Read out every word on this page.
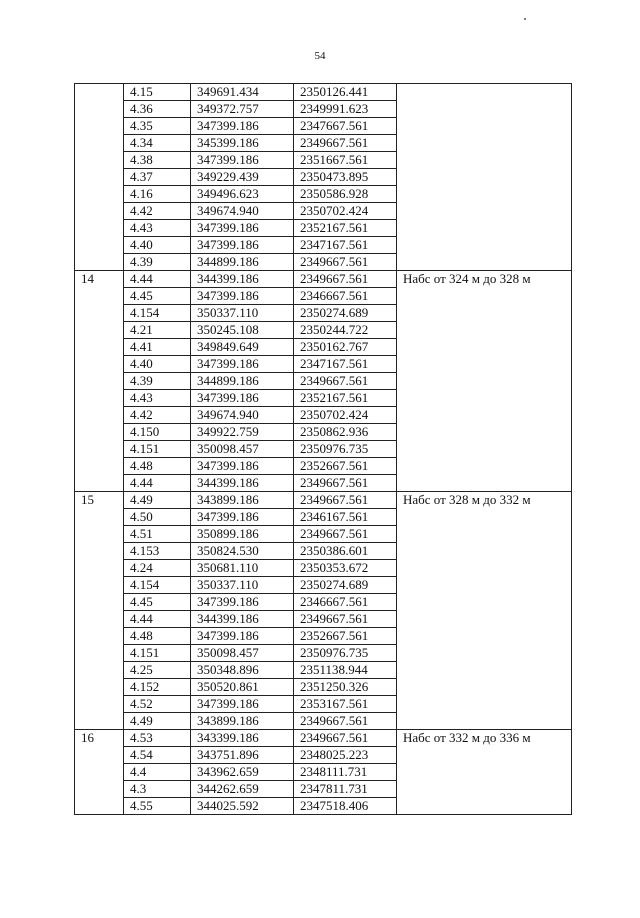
54
	4.15	349691.434	2350126.441	
	4.36	349372.757	2349991.623	
	4.35	347399.186	2347667.561	
	4.34	345399.186	2349667.561	
	4.38	347399.186	2351667.561	
	4.37	349229.439	2350473.895	
	4.16	349496.623	2350586.928	
	4.42	349674.940	2350702.424	
	4.43	347399.186	2352167.561	
	4.40	347399.186	2347167.561	
	4.39	344899.186	2349667.561	
14	4.44	344399.186	2349667.561	Набс от 324 м до 328 м
	4.45	347399.186	2346667.561	
	4.154	350337.110	2350274.689	
	4.21	350245.108	2350244.722	
	4.41	349849.649	2350162.767	
	4.40	347399.186	2347167.561	
	4.39	344899.186	2349667.561	
	4.43	347399.186	2352167.561	
	4.42	349674.940	2350702.424	
	4.150	349922.759	2350862.936	
	4.151	350098.457	2350976.735	
	4.48	347399.186	2352667.561	
	4.44	344399.186	2349667.561	
15	4.49	343899.186	2349667.561	Набс от 328 м до 332 м
	4.50	347399.186	2346167.561	
	4.51	350899.186	2349667.561	
	4.153	350824.530	2350386.601	
	4.24	350681.110	2350353.672	
	4.154	350337.110	2350274.689	
	4.45	347399.186	2346667.561	
	4.44	344399.186	2349667.561	
	4.48	347399.186	2352667.561	
	4.151	350098.457	2350976.735	
	4.25	350348.896	2351138.944	
	4.152	350520.861	2351250.326	
	4.52	347399.186	2353167.561	
	4.49	343899.186	2349667.561	
16	4.53	343399.186	2349667.561	Набс от 332 м до 336 м
	4.54	343751.896	2348025.223	
	4.4	343962.659	2348111.731	
	4.3	344262.659	2347811.731	
	4.55	344025.592	2347518.406	
